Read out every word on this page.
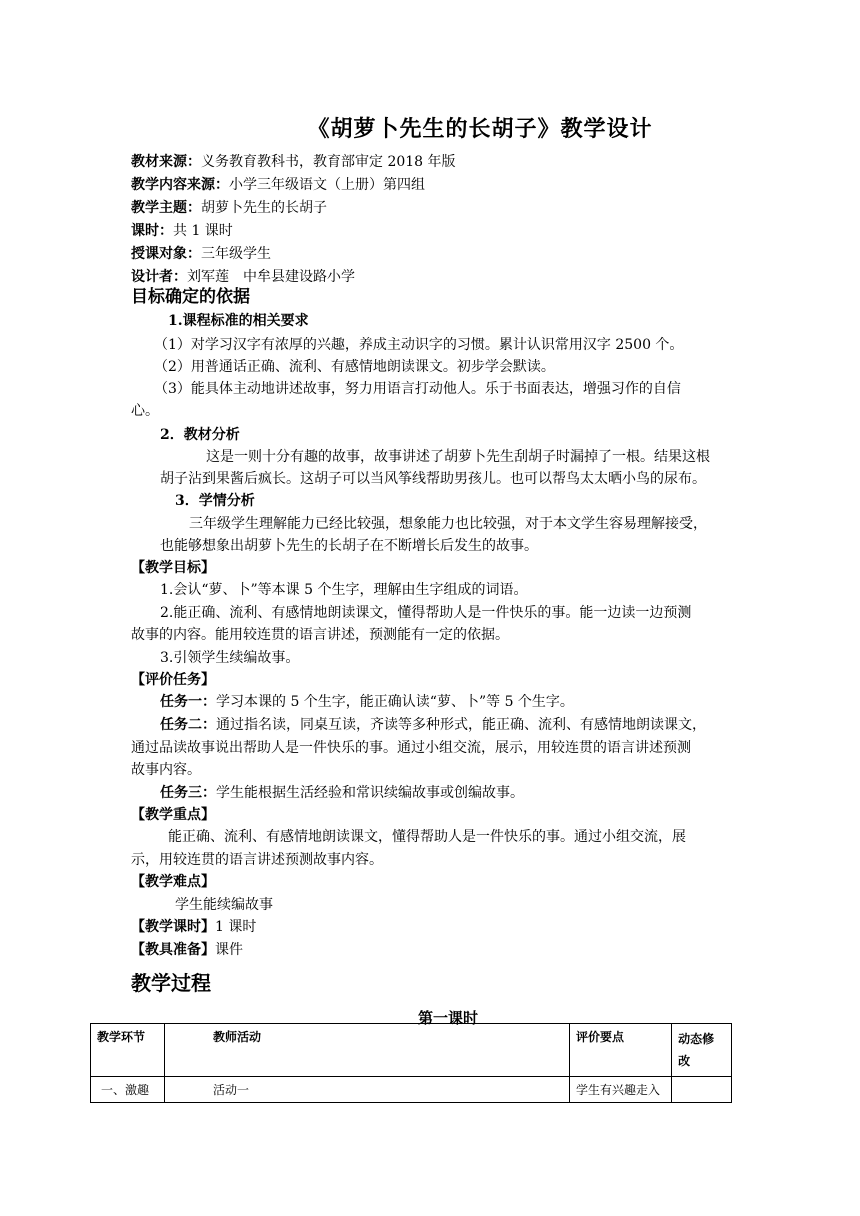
《胡萝卜先生的长胡子》教学设计
教材来源：义务教育教科书，教育部审定 2018 年版
教学内容来源：小学三年级语文（上册）第四组
教学主题：胡萝卜先生的长胡子
课时：共 1 课时
授课对象：三年级学生
设计者：刘军莲　中牟县建设路小学
目标确定的依据
1.课程标准的相关要求
（1）对学习汉字有浓厚的兴趣，养成主动识字的习惯。累计认识常用汉字 2500 个。
（2）用普通话正确、流利、有感情地朗读课文。初步学会默读。
（3）能具体主动地讲述故事，努力用语言打动他人。乐于书面表达，增强习作的自信
心。
2．教材分析
这是一则十分有趣的故事，故事讲述了胡萝卜先生刮胡子时漏掉了一根。结果这根
胡子沾到果酱后疯长。这胡子可以当风筝线帮助男孩儿。也可以帮鸟太太晒小鸟的尿布。
3．学情分析
三年级学生理解能力已经比较强，想象能力也比较强，对于本文学生容易理解接受，
也能够想象出胡萝卜先生的长胡子在不断增长后发生的故事。
【教学目标】
1.会认“萝、卜”等本课 5 个生字，理解由生字组成的词语。
2.能正确、流利、有感情地朗读课文，懂得帮助人是一件快乐的事。能一边读一边预测
故事的内容。能用较连贯的语言讲述，预测能有一定的依据。
3.引领学生续编故事。
【评价任务】
任务一：学习本课的 5 个生字，能正确认读“萝、卜”等 5 个生字。
任务二：通过指名读，同桌互读，齐读等多种形式，能正确、流利、有感情地朗读课文，
通过品读故事说出帮助人是一件快乐的事。通过小组交流，展示，用较连贯的语言讲述预测
故事内容。
任务三：学生能根据生活经验和常识续编故事或创编故事。
【教学重点】
能正确、流利、有感情地朗读课文，懂得帮助人是一件快乐的事。通过小组交流，展
示，用较连贯的语言讲述预测故事内容。
【教学难点】
学生能续编故事
【教学课时】1 课时
【教具准备】课件
教学过程
第一课时
教学环节	教师活动	评价要点	动态修
改
一、激趣	活动一	学生有兴趣走入	
